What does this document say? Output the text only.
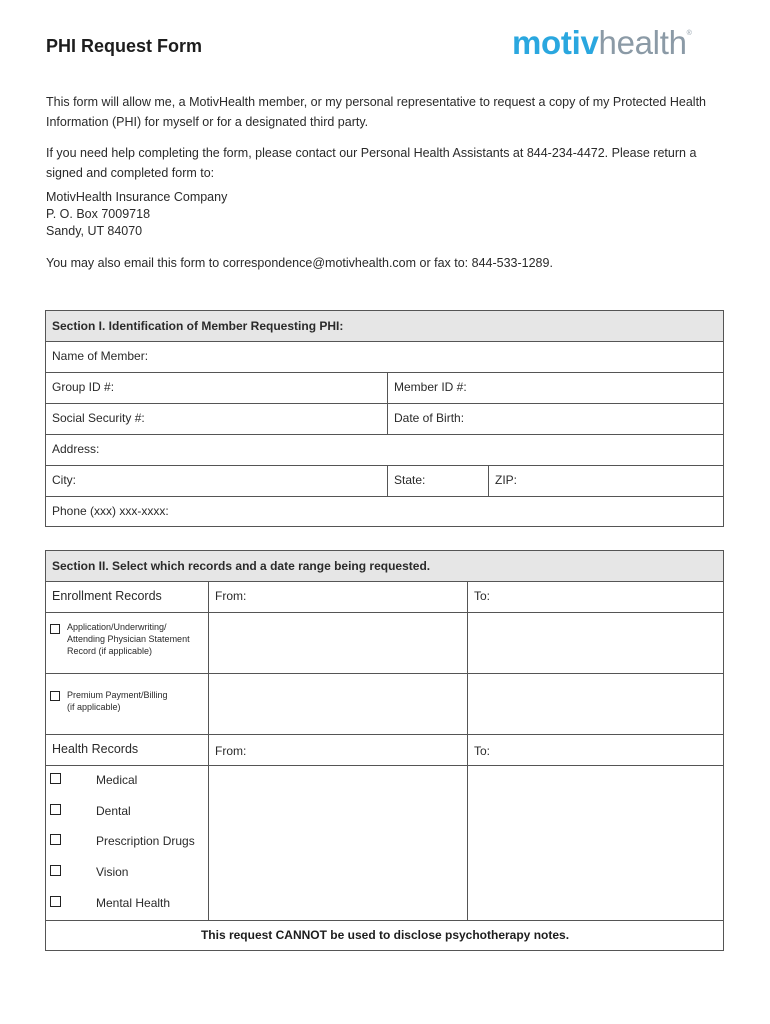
PHI Request Form	motivhealth®
This form will allow me, a MotivHealth member, or my personal representative to request a copy of my Protected Health Information (PHI) for myself or for a designated third party.
If you need help completing the form, please contact our Personal Health Assistants at 844-234-4472. Please return a signed and completed form to:
MotivHealth Insurance Company
P. O. Box 7009718
Sandy, UT 84070
You may also email this form to correspondence@motivhealth.com or fax to: 844-533-1289.
Section I. Identification of Member Requesting PHI:
Name of Member:
Group ID #:	Member ID #:
Social Security #:	Date of Birth:
Address:
City:	State:	ZIP:
Phone (xxx) xxx-xxxx:
Section II. Select which records and a date range being requested.
Enrollment Records	From:	To:
Application/Underwriting/
Attending Physician Statement
Record (if applicable)
Premium Payment/Billing
(if applicable)
Health Records	From:	To:
Medical
Dental
Prescription Drugs
Vision
Mental Health
This request CANNOT be used to disclose psychotherapy notes.
